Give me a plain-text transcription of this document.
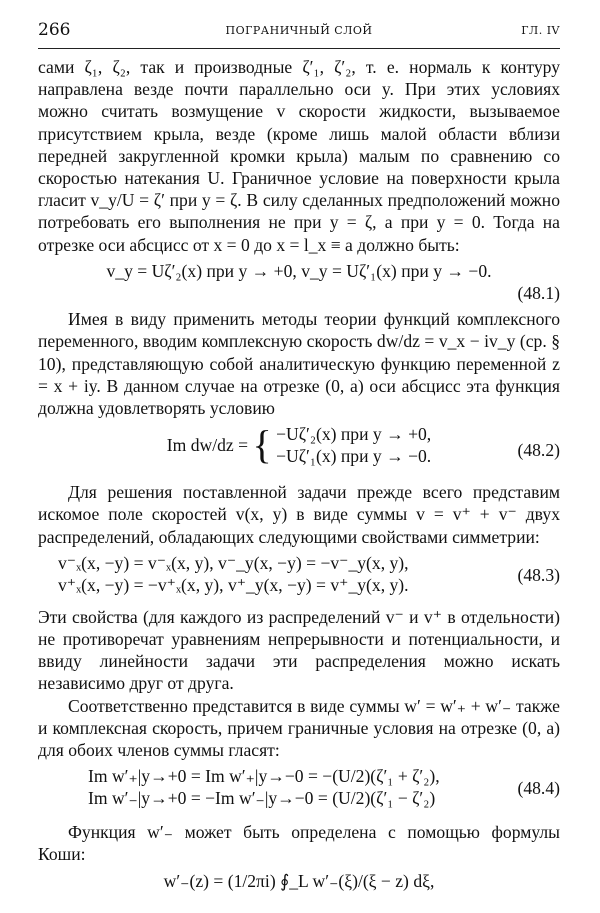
266	ПОГРАНИЧНЫЙ СЛОЙ	ГЛ. IV

сами ζ₁, ζ₂, так и производные ζ′₁, ζ′₂, т. е. нормаль к контуру направлена везде почти параллельно оси y. При этих условиях можно считать возмущение v скорости жидкости, вызываемое присутствием крыла, везде (кроме лишь малой области вблизи передней закругленной кромки крыла) малым по сравнению со скоростью натекания U. Граничное условие на поверхности крыла гласит v_y/U = ζ′ при y = ζ. В силу сделанных предположений можно потребовать его выполнения не при y = ζ, а при y = 0. Тогда на отрезке оси абсцисс от x = 0 до x = l_x ≡ a должно быть:

v_y = Uζ′₂(x) при y → +0, v_y = Uζ′₁(x) при y → −0.
(48.1)

Имея в виду применить методы теории функций комплексного переменного, вводим комплексную скорость dw/dz = v_x − iv_y (ср. § 10), представляющую собой аналитическую функцию переменной z = x + iy. В данном случае на отрезке (0, a) оси абсцисс эта функция должна удовлетворять условию

Im dw/dz = { −Uζ′₂(x) при y → +0,
−Uζ′₁(x) при y → −0.	(48.2)

Для решения поставленной задачи прежде всего представим искомое поле скоростей v(x, y) в виде суммы v = v⁺ + v⁻ двух распределений, обладающих следующими свойствами симметрии:

v⁻ₓ(x, −y) = v⁻ₓ(x, y), v⁻_y(x, −y) = −v⁻_y(x, y),
v⁺ₓ(x, −y) = −v⁺ₓ(x, y), v⁺_y(x, −y) = v⁺_y(x, y).
(48.3)

Эти свойства (для каждого из распределений v⁻ и v⁺ в отдельности) не противоречат уравнениям непрерывности и потенциальности, и ввиду линейности задачи эти распределения можно искать независимо друг от друга.

Соответственно представится в виде суммы w′ = w′₊ + w′₋ также и комплексная скорость, причем граничные условия на отрезке (0, a) для обоих членов суммы гласят:

Im w′₊|y→+0 = Im w′₊|y→−0 = −(U/2)(ζ′₁ + ζ′₂),
Im w′₋|y→+0 = −Im w′₋|y→−0 = (U/2)(ζ′₁ − ζ′₂)
(48.4)

Функция w′₋ может быть определена с помощью формулы Коши:

w′₋(z) = (1/2πi) ∮_L w′₋(ξ)/(ξ − z) dξ,
